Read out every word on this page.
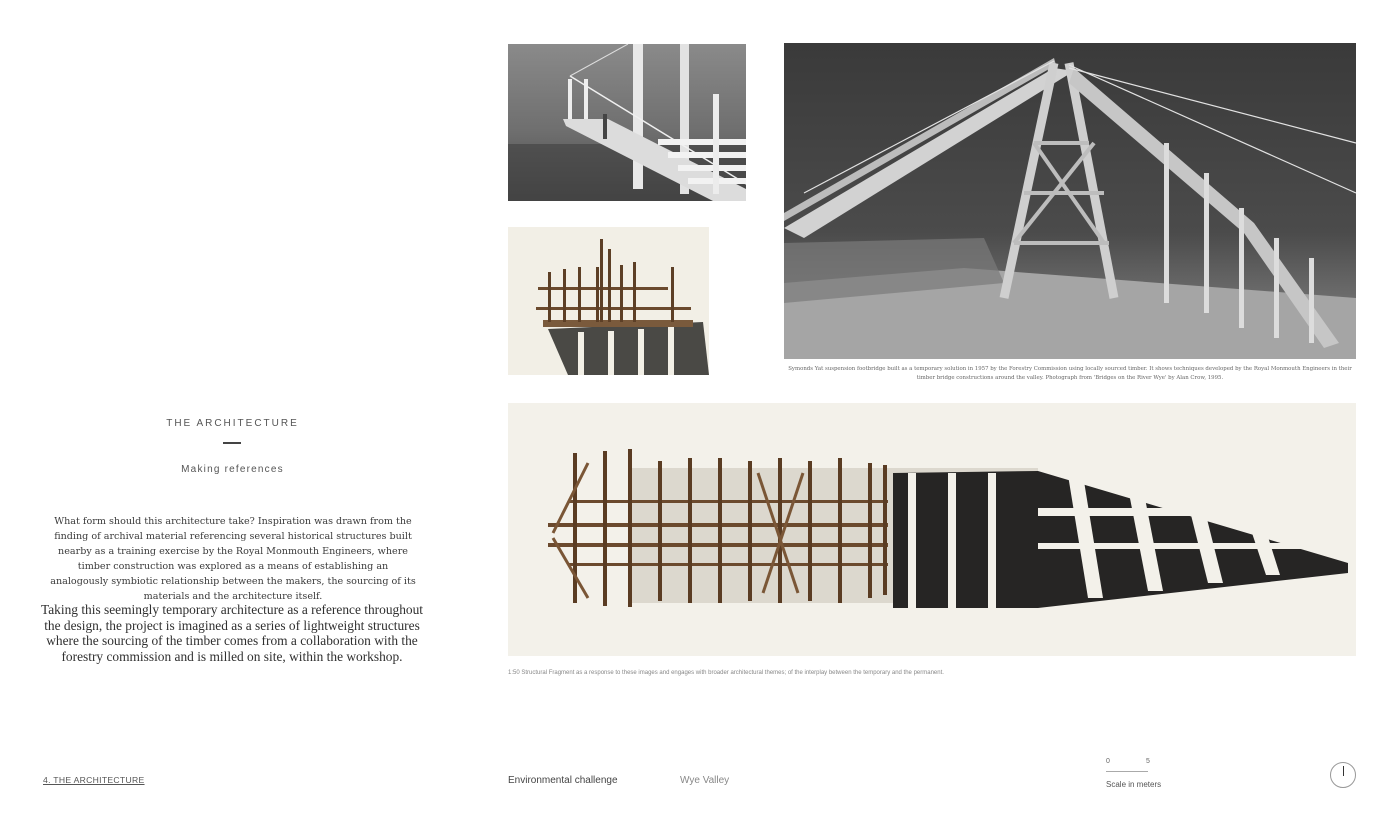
THE ARCHITECTURE
Making references
What form should this architecture take? Inspiration was drawn from the finding of archival material referencing several historical structures built nearby as a training exercise by the Royal Monmouth Engineers, where timber construction was explored as a means of establishing an analogously symbiotic relationship between the makers, the sourcing of its materials and the architecture itself.
Taking this seemingly temporary architecture as a reference throughout the design, the project is imagined as a series of lightweight structures where the sourcing of the timber comes from a collaboration with the forestry commission and is milled on site, within the workshop.
Symonds Yat suspension footbridge built as a temporary solution in 1957 by the Forestry Commission using locally sourced timber. It shows techniques developed by the Royal Monmouth Engineers in their timber bridge constructions around the valley. Photograph from 'Bridges on the River Wye' by Alan Crow, 1995.
1:50 Structural Fragment as a response to these images and engages with broader architectural themes; of the interplay between the temporary and the permanent.
4. THE ARCHITECTURE	Environmental challenge	Wye Valley
0	5
Scale in meters
